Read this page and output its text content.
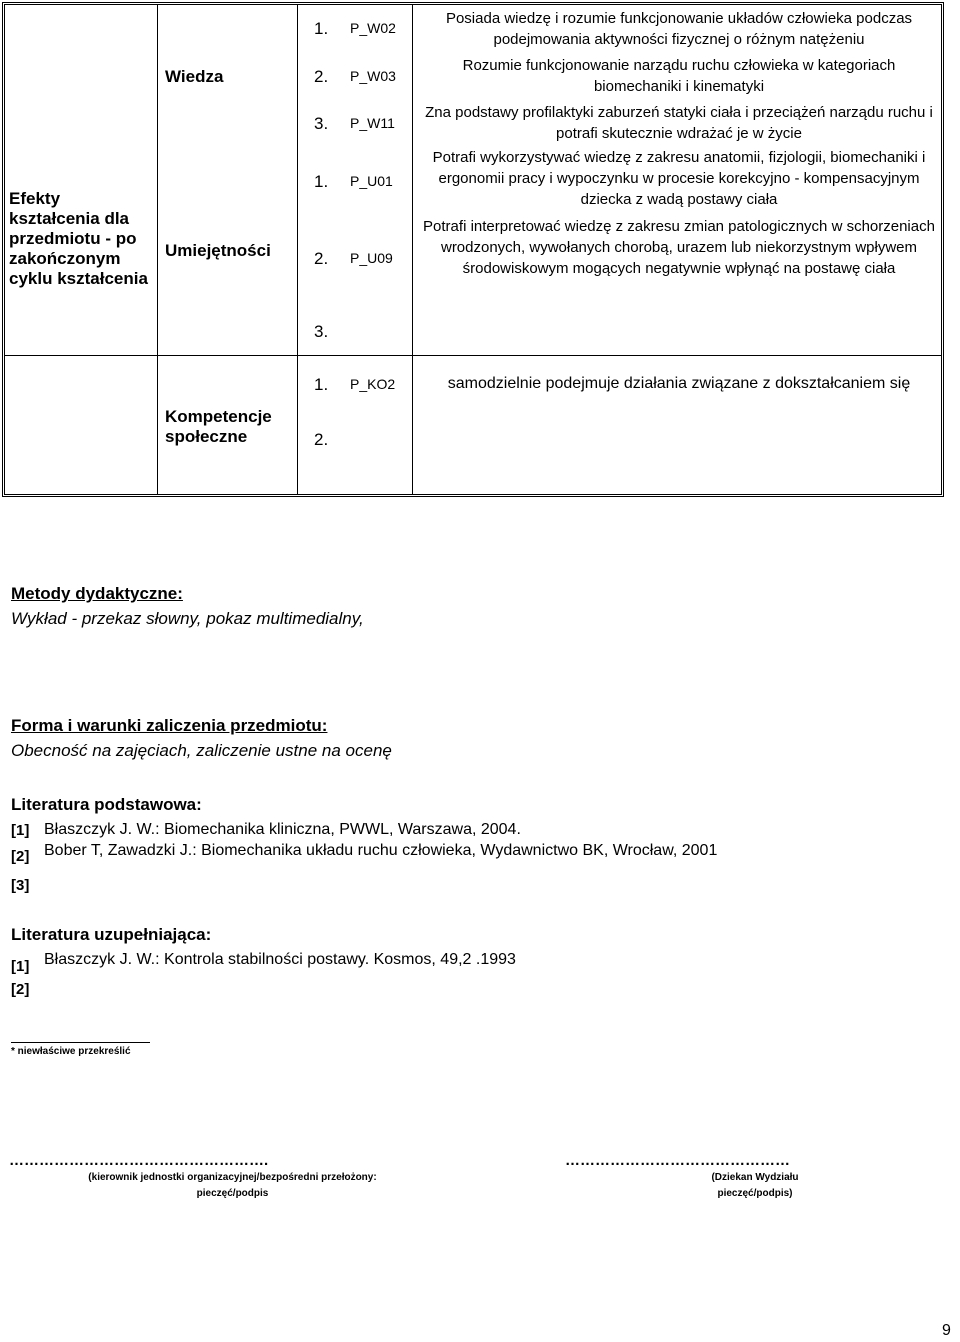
Efekty kształcenia dla przedmiotu - po zakończonym cyklu kształcenia
Wiedza
1. P_W02
Posiada wiedzę i rozumie funkcjonowanie układów człowieka podczas podejmowania aktywności fizycznej o różnym natężeniu
2. P_W03
Rozumie funkcjonowanie narządu ruchu człowieka w kategoriach biomechaniki i kinematyki
3. P_W11
Zna podstawy profilaktyki zaburzeń statyki ciała i przeciążeń narządu ruchu i potrafi skutecznie wdrażać je w życie
Umiejętności
1. P_U01
Potrafi wykorzystywać wiedzę z zakresu anatomii, fizjologii, biomechaniki i ergonomii pracy i wypoczynku w procesie korekcyjno - kompensacyjnym dziecka z wadą postawy ciała
2. P_U09
Potrafi interpretować wiedzę z zakresu zmian patologicznych w schorzeniach wrodzonych, wywołanych chorobą, urazem lub niekorzystnym wpływem środowiskowym mogących negatywnie wpłynąć na postawę ciała
3.
Kompetencje społeczne
1. P_KO2	samodzielnie podejmuje działania związane z dokształcaniem się
2.
Metody dydaktyczne:
Wykład - przekaz słowny, pokaz multimedialny,
Forma i warunki zaliczenia przedmiotu:
Obecność na zajęciach, zaliczenie ustne na ocenę
Literatura podstawowa:
[1] Błaszczyk J. W.: Biomechanika kliniczna, PWWL, Warszawa, 2004.
[2] Bober T, Zawadzki J.: Biomechanika układu ruchu człowieka, Wydawnictwo BK, Wrocław, 2001
[3]
Literatura uzupełniająca:
[1] Błaszczyk J. W.: Kontrola stabilności postawy. Kosmos, 49,2 .1993
[2]
* niewłaściwe przekreślić
…………………………………………….
(kierownik jednostki organizacyjnej/bezpośredni przełożony:
pieczęć/podpis
………………………………………
(Dziekan Wydziału
pieczęć/podpis)
9
